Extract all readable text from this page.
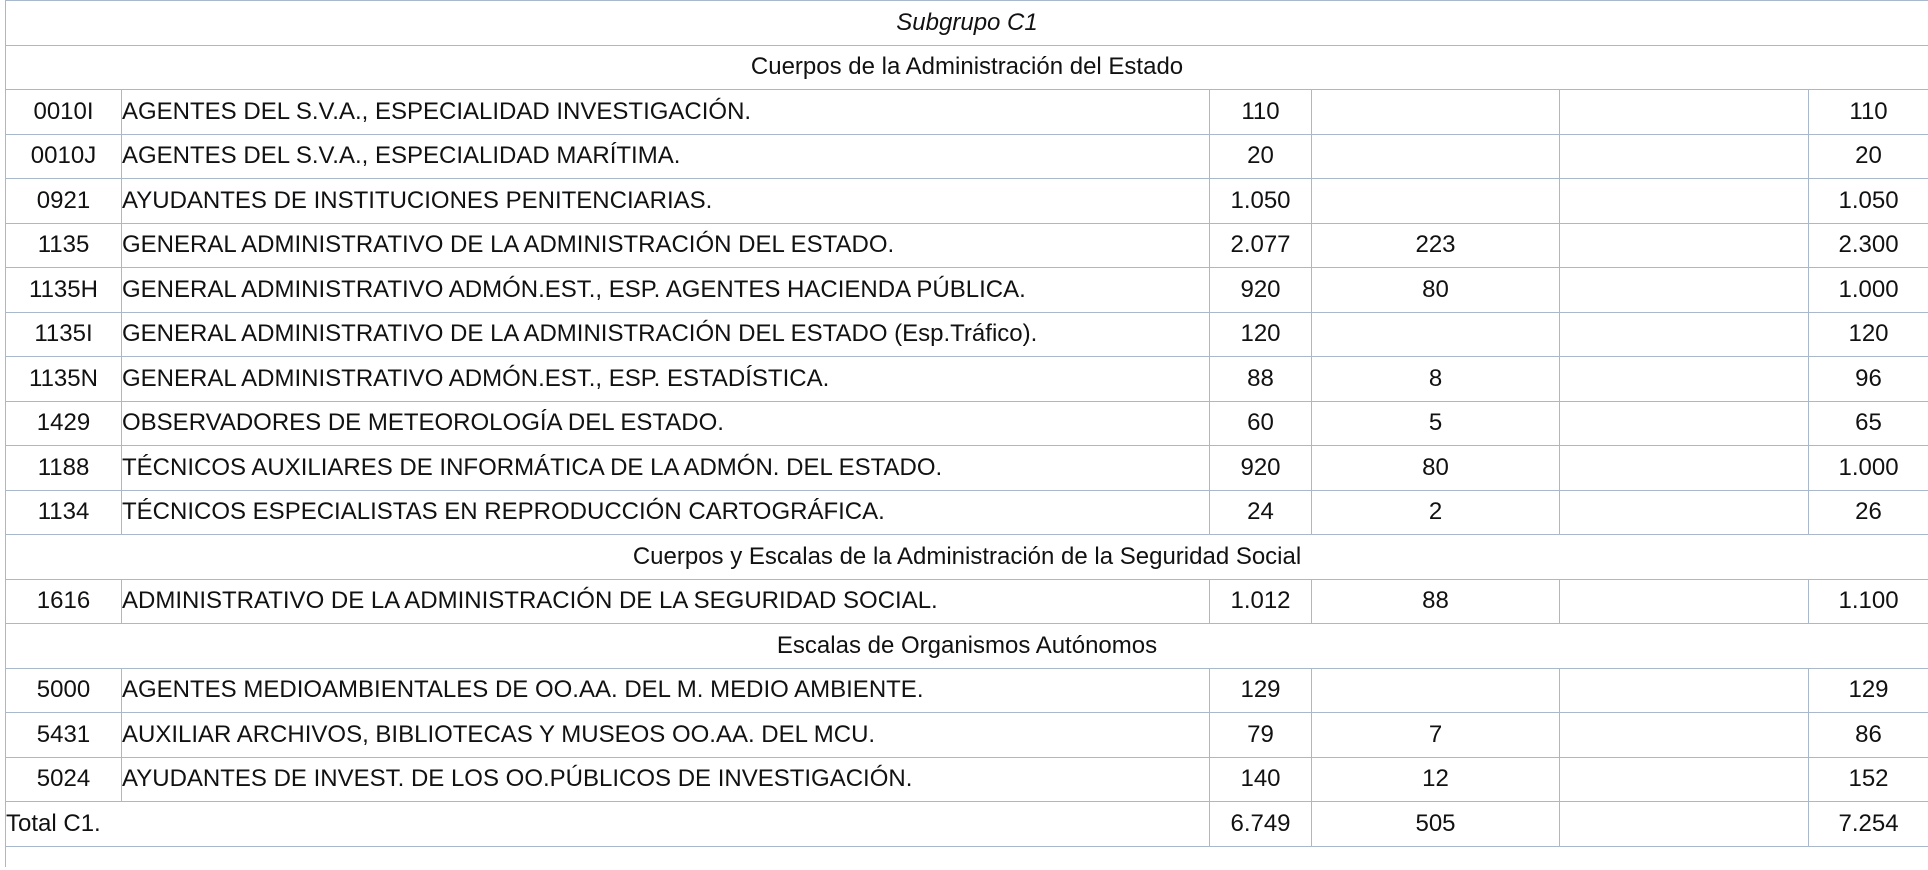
Subgrupo C1					
Cuerpos de la Administración del Estado					
0010I	AGENTES DEL S.V.A., ESPECIALIDAD INVESTIGACIÓN.	110			110
0010J	AGENTES DEL S.V.A., ESPECIALIDAD MARÍTIMA.	20			20
0921	AYUDANTES DE INSTITUCIONES PENITENCIARIAS.	1.050			1.050
1135	GENERAL ADMINISTRATIVO DE LA ADMINISTRACIÓN DEL ESTADO.	2.077	223		2.300
1135H	GENERAL ADMINISTRATIVO ADMÓN.EST., ESP. AGENTES HACIENDA PÚBLICA.	920	80		1.000
1135I	GENERAL ADMINISTRATIVO DE LA ADMINISTRACIÓN DEL ESTADO (Esp.Tráfico).	120			120
1135N	GENERAL ADMINISTRATIVO ADMÓN.EST., ESP. ESTADÍSTICA.	88	8		96
1429	OBSERVADORES DE METEOROLOGÍA DEL ESTADO.	60	5		65
1188	TÉCNICOS AUXILIARES DE INFORMÁTICA DE LA ADMÓN. DEL ESTADO.	920	80		1.000
1134	TÉCNICOS ESPECIALISTAS EN REPRODUCCIÓN CARTOGRÁFICA.	24	2		26
Cuerpos y Escalas de la Administración de la Seguridad Social					
1616	ADMINISTRATIVO DE LA ADMINISTRACIÓN DE LA SEGURIDAD SOCIAL.	1.012	88		1.100
Escalas de Organismos Autónomos					
5000	AGENTES MEDIOAMBIENTALES DE OO.AA. DEL M. MEDIO AMBIENTE.	129			129
5431	AUXILIAR ARCHIVOS, BIBLIOTECAS Y MUSEOS OO.AA. DEL MCU.	79	7		86
5024	AYUDANTES DE INVEST. DE LOS OO.PÚBLICOS DE INVESTIGACIÓN.	140	12		152
Total C1.		6.749	505		7.254
